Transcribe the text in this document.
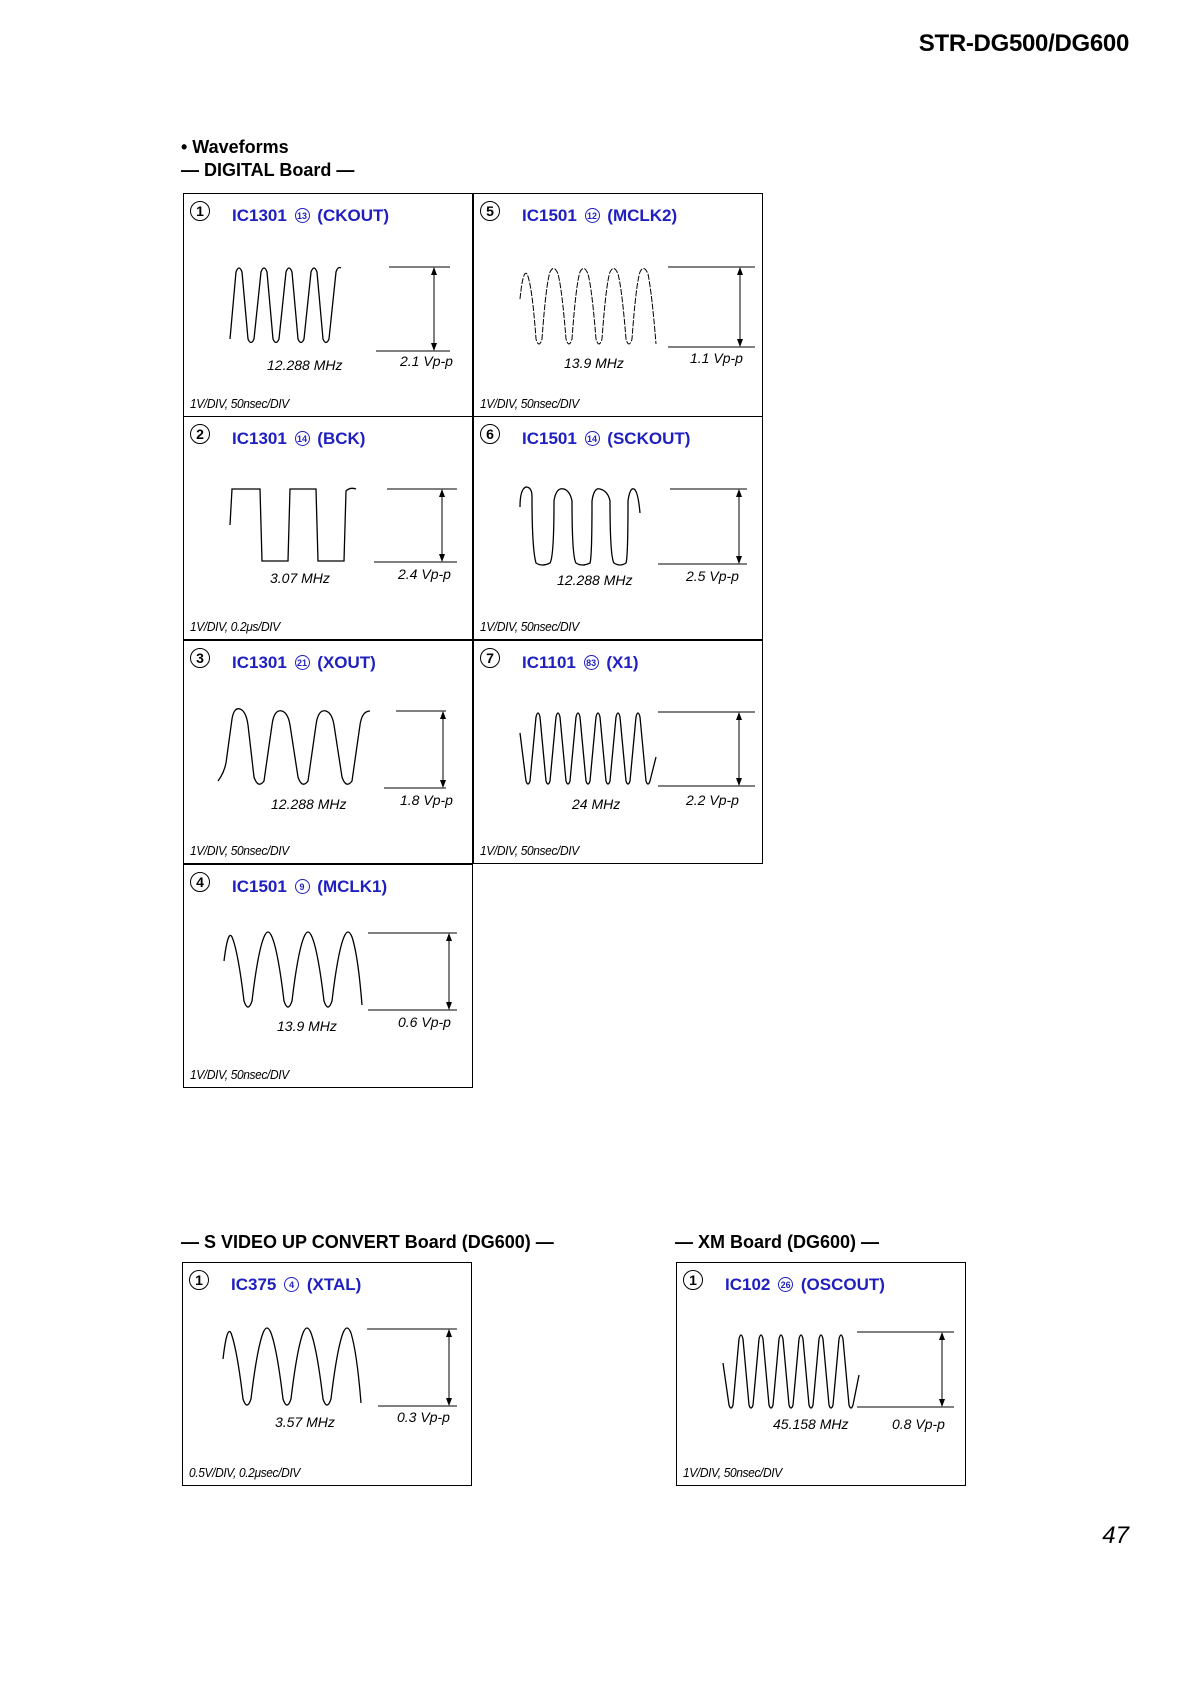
STR-DG500/DG600
• Waveforms
— DIGITAL Board —
1	IC1301 13 (CKOUT)
12.288 MHz	2.1 Vp-p
1V/DIV, 50nsec/DIV
5	IC1501 12 (MCLK2)
13.9 MHz	1.1 Vp-p
1V/DIV, 50nsec/DIV
2	IC1301 14 (BCK)
3.07 MHz	2.4 Vp-p
1V/DIV, 0.2μs/DIV
6	IC1501 14 (SCKOUT)
12.288 MHz	2.5 Vp-p
1V/DIV, 50nsec/DIV
3	IC1301 21 (XOUT)
12.288 MHz	1.8 Vp-p
1V/DIV, 50nsec/DIV
7	IC1101 83 (X1)
24 MHz	2.2 Vp-p
1V/DIV, 50nsec/DIV
4	IC1501 9 (MCLK1)
13.9 MHz	0.6 Vp-p
1V/DIV, 50nsec/DIV
— S VIDEO UP CONVERT Board (DG600) —
1	IC375 4 (XTAL)
3.57 MHz	0.3 Vp-p
0.5V/DIV, 0.2μsec/DIV
— XM Board (DG600) —
1	IC102 26 (OSCOUT)
45.158 MHz	0.8 Vp-p
1V/DIV, 50nsec/DIV
47
